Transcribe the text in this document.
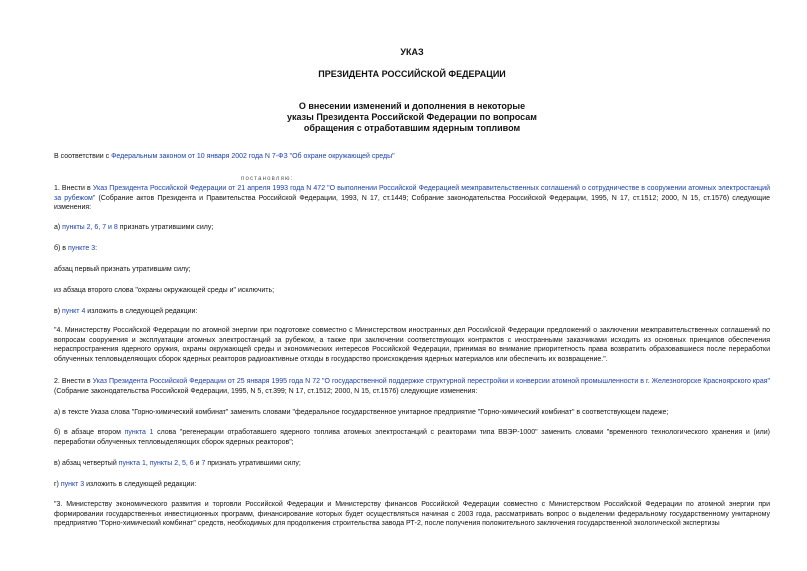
УКАЗ
ПРЕЗИДЕНТА РОССИЙСКОЙ ФЕДЕРАЦИИ
О внесении изменений и дополнения в некоторые
указы Президента Российской Федерации по вопросам
обращения с отработавшим ядерным топливом
В соответствии с Федеральным законом от 10 января 2002 года N 7-ФЗ "Об охране окружающей среды"
постановляю:
1. Внести в Указ Президента Российской Федерации от 21 апреля 1993 года N 472 "О выполнении Российской Федерацией межправительственных соглашений о сотрудничестве в сооружении атомных электростанций за рубежом" (Собрание актов Президента и Правительства Российской Федерации, 1993, N 17, ст.1449; Собрание законодательства Российской Федерации, 1995, N 17, ст.1512; 2000, N 15, ст.1576) следующие изменения:
а) пункты 2, 6, 7 и 8 признать утратившими силу;
б) в пункте 3:
абзац первый признать утратившим силу;
из абзаца второго слова "охраны окружающей среды и" исключить;
в) пункт 4 изложить в следующей редакции:
"4. Министерству Российской Федерации по атомной энергии при подготовке совместно с Министерством иностранных дел Российской Федерации предложений о заключении межправительственных соглашений по вопросам сооружения и эксплуатации атомных электростанций за рубежом, а также при заключении соответствующих контрактов с иностранными заказчиками исходить из основных принципов обеспечения нераспространения ядерного оружия, охраны окружающей среды и экономических интересов Российской Федерации, принимая во внимание приоритетность права возвратить образовавшиеся после переработки облученных тепловыделяющих сборок ядерных реакторов радиоактивные отходы в государство происхождения ядерных материалов или обеспечить их возвращение.".
2. Внести в Указ Президента Российской Федерации от 25 января 1995 года N 72 "О государственной поддержке структурной перестройки и конверсии атомной промышленности в г. Железногорске Красноярского края" (Собрание законодательства Российской Федерации, 1995, N 5, ст.399; N 17, ст.1512; 2000, N 15, ст.1576) следующие изменения:
а) в тексте Указа слова "Горно-химический комбинат" заменить словами "федеральное государственное унитарное предприятие "Горно-химический комбинат" в соответствующем падеже;
б) в абзаце втором пункта 1 слова "регенерации отработавшего ядерного топлива атомных электростанций с реакторами типа ВВЭР-1000" заменить словами "временного технологического хранения и (или) переработки облученных тепловыделяющих сборок ядерных реакторов";
в) абзац четвертый пункта 1, пункты 2, 5, 6 и 7 признать утратившими силу;
г) пункт 3 изложить в следующей редакции:
"3. Министерству экономического развития и торговли Российской Федерации и Министерству финансов Российской Федерации совместно с Министерством Российской Федерации по атомной энергии при формировании государственных инвестиционных программ, финансирование которых будет осуществляться начиная с 2003 года, рассматривать вопрос о выделении федеральному государственному унитарному предприятию "Горно-химический комбинат" средств, необходимых для продолжения строительства завода РТ-2, после получения положительного заключения государственной экологической экспертизы
